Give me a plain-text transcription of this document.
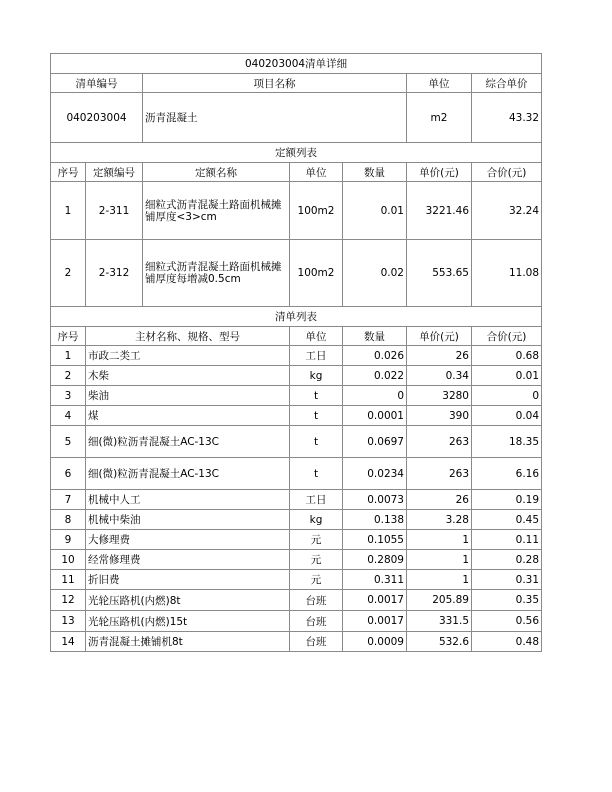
040203004清单详细						
清单编号		项目名称			单位	综合单价
040203004		沥青混凝土			m2	43.32
定额列表						
序号	定额编号	定额名称	单位	数量	单价(元)	合价(元)
1	2-311	细粒式沥青混凝土路面机械摊铺厚度<3>cm	100m2	0.01	3221.46	32.24
2	2-312	细粒式沥青混凝土路面机械摊铺厚度每增减0.5cm	100m2	0.02	553.65	11.08
清单列表						
序号	主材名称、规格、型号		单位	数量	单价(元)	合价(元)
1	市政二类工		工日	0.026	26	0.68
2	木柴		kg	0.022	0.34	0.01
3	柴油		t	0	3280	0
4	煤		t	0.0001	390	0.04
5	细(微)粒沥青混凝土AC-13C		t	0.0697	263	18.35
6	细(微)粒沥青混凝土AC-13C		t	0.0234	263	6.16
7	机械中人工		工日	0.0073	26	0.19
8	机械中柴油		kg	0.138	3.28	0.45
9	大修理费		元	0.1055	1	0.11
10	经常修理费		元	0.2809	1	0.28
11	折旧费		元	0.311	1	0.31
12	光轮压路机(内燃)8t		台班	0.0017	205.89	0.35
13	光轮压路机(内燃)15t		台班	0.0017	331.5	0.56
14	沥青混凝土摊铺机8t		台班	0.0009	532.6	0.48
